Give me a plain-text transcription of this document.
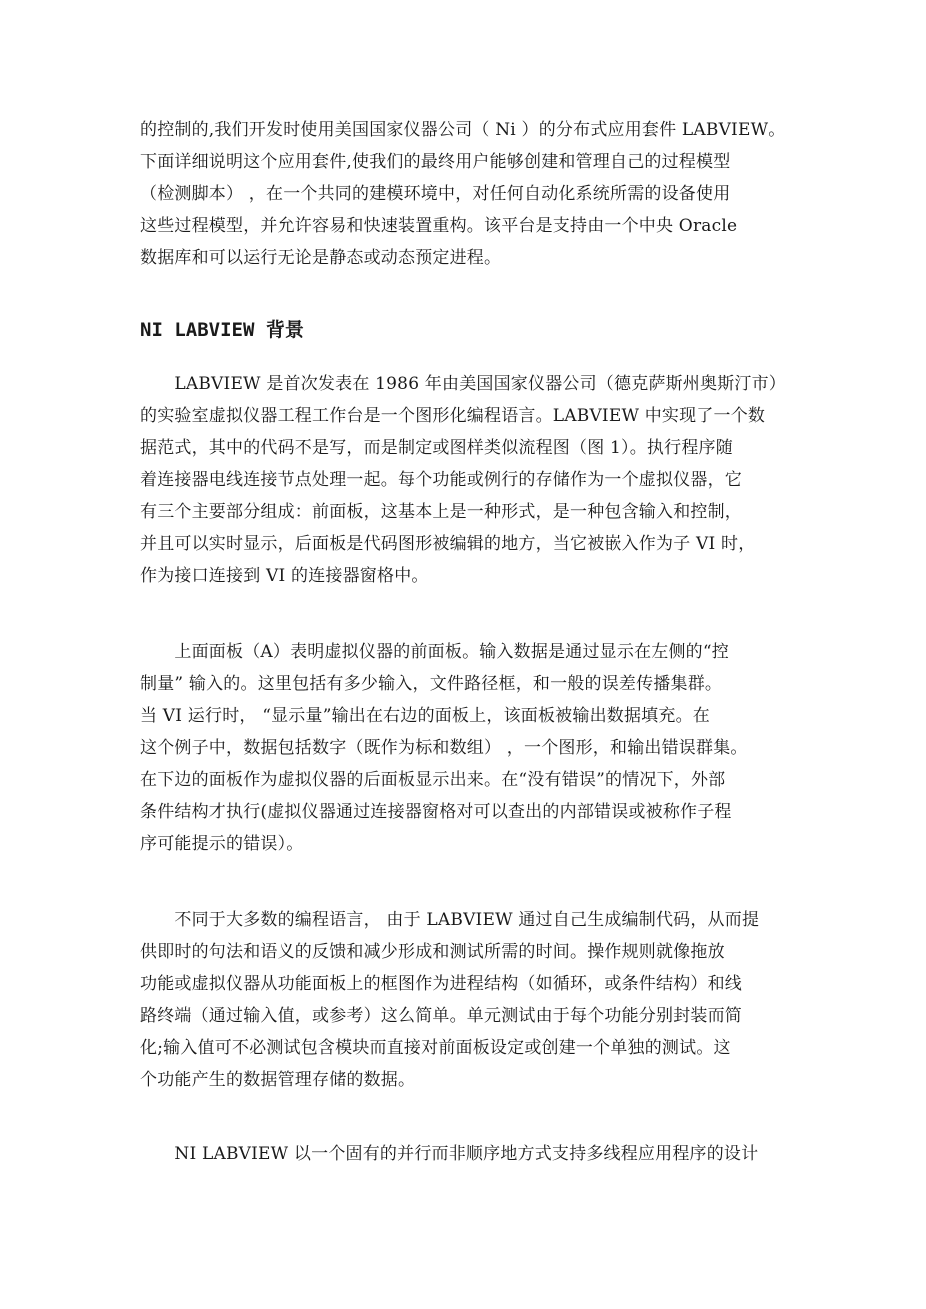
的控制的,我们开发时使用美国国家仪器公司（ Ni ）的分布式应用套件 LABVIEW。
下面详细说明这个应用套件,使我们的最终用户能够创建和管理自己的过程模型
（检测脚本） ，在一个共同的建模环境中，对任何自动化系统所需的设备使用
这些过程模型，并允许容易和快速装置重构。该平台是支持由一个中央 Oracle
数据库和可以运行无论是静态或动态预定进程。
NI LABVIEW 背景
　　LABVIEW 是首次发表在 1986 年由美国国家仪器公司（德克萨斯州奥斯汀市）
的实验室虚拟仪器工程工作台是一个图形化编程语言。LABVIEW 中实现了一个数
据范式，其中的代码不是写，而是制定或图样类似流程图（图 1）。执行程序随
着连接器电线连接节点处理一起。每个功能或例行的存储作为一个虚拟仪器，它
有三个主要部分组成：前面板，这基本上是一种形式，是一种包含输入和控制，
并且可以实时显示，后面板是代码图形被编辑的地方，当它被嵌入作为子 VI 时，
作为接口连接到 VI 的连接器窗格中。
　　上面面板（A）表明虚拟仪器的前面板。输入数据是通过显示在左侧的“控
制量” 输入的。这里包括有多少输入，文件路径框，和一般的误差传播集群。
当 VI 运行时， “显示量”输出在右边的面板上，该面板被输出数据填充。在
这个例子中，数据包括数字（既作为标和数组） ，一个图形，和输出错误群集。
在下边的面板作为虚拟仪器的后面板显示出来。在“没有错误”的情况下，外部
条件结构才执行(虚拟仪器通过连接器窗格对可以查出的内部错误或被称作子程
序可能提示的错误）。
　　不同于大多数的编程语言， 由于 LABVIEW 通过自己生成编制代码，从而提
供即时的句法和语义的反馈和减少形成和测试所需的时间。操作规则就像拖放
功能或虚拟仪器从功能面板上的框图作为进程结构（如循环，或条件结构）和线
路终端（通过输入值，或参考）这么简单。单元测试由于每个功能分别封装而简
化;输入值可不必测试包含模块而直接对前面板设定或创建一个单独的测试。这
个功能产生的数据管理存储的数据。
　　NI LABVIEW 以一个固有的并行而非顺序地方式支持多线程应用程序的设计
